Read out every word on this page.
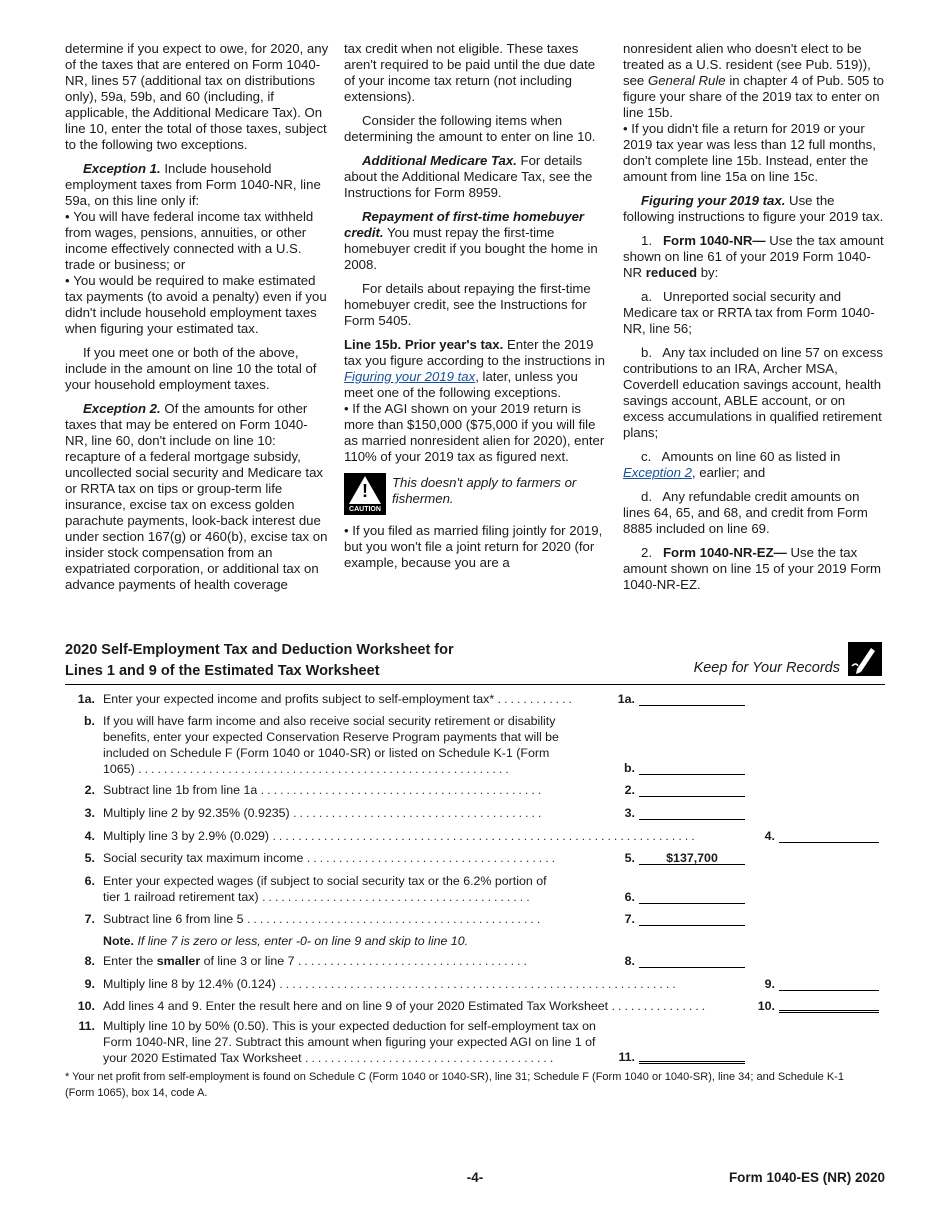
determine if you expect to owe, for 2020, any of the taxes that are entered on Form 1040-NR, lines 57 (additional tax on distributions only), 59a, 59b, and 60 (including, if applicable, the Additional Medicare Tax). On line 10, enter the total of those taxes, subject to the following two exceptions.

Exception 1. Include household employment taxes from Form 1040-NR, line 59a, on this line only if:

• You will have federal income tax withheld from wages, pensions, annuities, or other income effectively connected with a U.S. trade or business; or

• You would be required to make estimated tax payments (to avoid a penalty) even if you didn't include household employment taxes when figuring your estimated tax.

If you meet one or both of the above, include in the amount on line 10 the total of your household employment taxes.

Exception 2. Of the amounts for other taxes that may be entered on Form 1040-NR, line 60, don't include on line 10: recapture of a federal mortgage subsidy, uncollected social security and Medicare tax or RRTA tax on tips or group-term life insurance, excise tax on excess golden parachute payments, look-back interest due under section 167(g) or 460(b), excise tax on insider stock compensation from an expatriated corporation, or additional tax on advance payments of health coverage

tax credit when not eligible. These taxes aren't required to be paid until the due date of your income tax return (not including extensions).

Consider the following items when determining the amount to enter on line 10.

Additional Medicare Tax. For details about the Additional Medicare Tax, see the Instructions for Form 8959.

Repayment of first-time homebuyer credit. You must repay the first-time homebuyer credit if you bought the home in 2008.

For details about repaying the first-time homebuyer credit, see the Instructions for Form 5405.

Line 15b. Prior year's tax. Enter the 2019 tax you figure according to the instructions in Figuring your 2019 tax, later, unless you meet one of the following exceptions.

• If the AGI shown on your 2019 return is more than $150,000 ($75,000 if you will file as married nonresident alien for 2020), enter 110% of your 2019 tax as figured next.

!
CAUTION
This doesn't apply to farmers or fishermen.

• If you filed as married filing jointly for 2019, but you won't file a joint return for 2020 (for example, because you are a

nonresident alien who doesn't elect to be treated as a U.S. resident (see Pub. 519)), see General Rule in chapter 4 of Pub. 505 to figure your share of the 2019 tax to enter on line 15b.

• If you didn't file a return for 2019 or your 2019 tax year was less than 12 full months, don't complete line 15b. Instead, enter the amount from line 15a on line 15c.

Figuring your 2019 tax. Use the following instructions to figure your 2019 tax.

1. Form 1040-NR— Use the tax amount shown on line 61 of your 2019 Form 1040-NR reduced by:

a.   Unreported social security and Medicare tax or RRTA tax from Form 1040-NR, line 56;

b.   Any tax included on line 57 on excess contributions to an IRA, Archer MSA, Coverdell education savings account, health savings account, ABLE account, or on excess accumulations in qualified retirement plans;

c.   Amounts on line 60 as listed in Exception 2, earlier; and

d.   Any refundable credit amounts on lines 64, 65, and 68, and credit from Form 8885 included on line 69.

2. Form 1040-NR-EZ— Use the tax amount shown on line 15 of your 2019 Form 1040-NR-EZ.

2020 Self-Employment Tax and Deduction Worksheet for
Lines 1 and 9 of the Estimated Tax Worksheet	Keep for Your Records
1a. Enter your expected income and profits subject to self-employment tax* ............	1a.
b. If you will have farm income and also receive social security retirement or disability benefits, enter your expected Conservation Reserve Program payments that will be included on Schedule F (Form 1040 or 1040-SR) or listed on Schedule K-1 (Form
1065) ..........................................................	b.
2. Subtract line 1b from line 1a ............................................	2.
3. Multiply line 2 by 92.35% (0.9235) .......................................	3.
4. Multiply line 3 by 2.9% (0.029) ..................................................................	4.
5. Social security tax maximum income .......................................	5.	$137,700
6. Enter your expected wages (if subject to social security tax or the 6.2% portion of
tier 1 railroad retirement tax) ..........................................	6.
7. Subtract line 6 from line 5 ..............................................	7.
Note. If line 7 is zero or less, enter -0- on line 9 and skip to line 10.
8. Enter the smaller of line 3 or line 7 ....................................	8.
9. Multiply line 8 by 12.4% (0.124) ..............................................................	9.
10. Add lines 4 and 9. Enter the result here and on line 9 of your 2020 Estimated Tax Worksheet ...............	10.
11. Multiply line 10 by 50% (0.50). This is your expected deduction for self-employment tax on Form 1040-NR, line 27. Subtract this amount when figuring your expected AGI on line 1 of
your 2020 Estimated Tax Worksheet .......................................	11.
* Your net profit from self-employment is found on Schedule C (Form 1040 or 1040-SR), line 31; Schedule F (Form 1040 or 1040-SR), line 34; and Schedule K-1 (Form 1065), box 14, code A.
-4-	Form 1040-ES (NR) 2020
